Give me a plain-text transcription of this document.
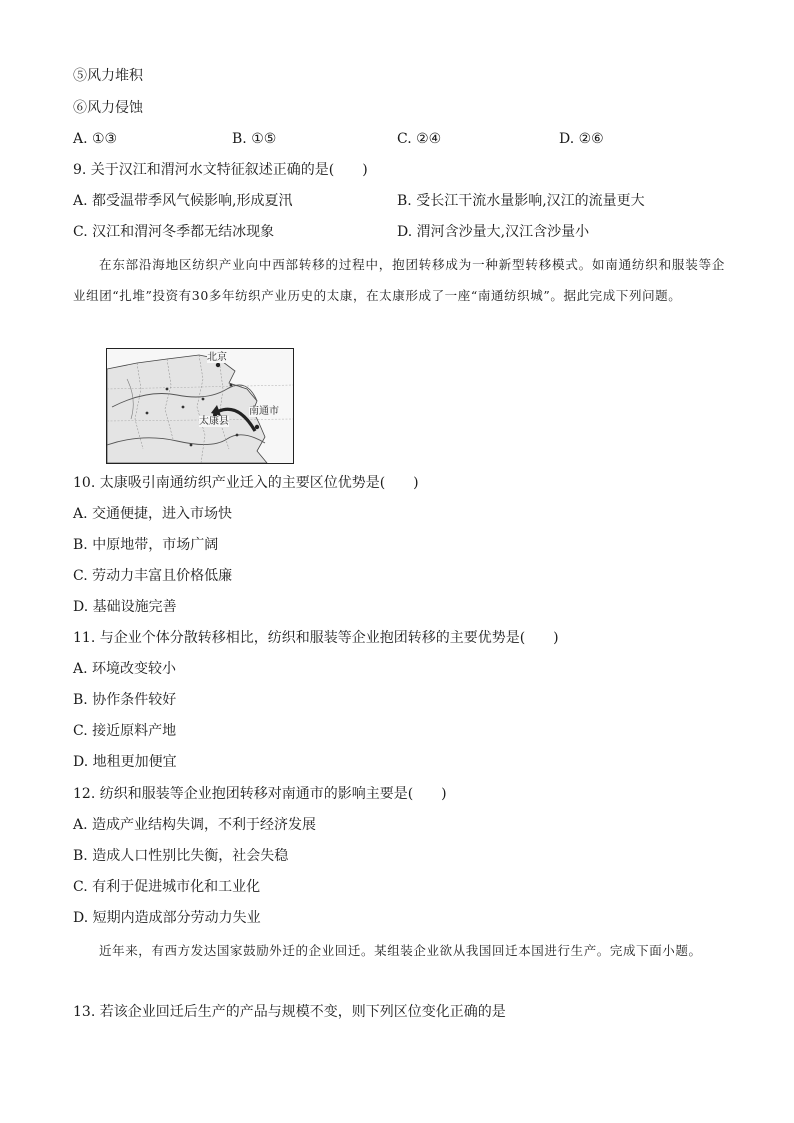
⑤风力堆积
⑥风力侵蚀
A. ①③	B. ①⑤	C. ②④	D. ②⑥
9. 关于汉江和渭河水文特征叙述正确的是(　　)
A. 都受温带季风气候影响,形成夏汛	B. 受长江干流水量影响,汉江的流量更大
C. 汉江和渭河冬季都无结冰现象	D. 渭河含沙量大,汉江含沙量小
在东部沿海地区纺织产业向中西部转移的过程中，抱团转移成为一种新型转移模式。如南通纺织和服装等企业组团“扎堆”投资有30多年纺织产业历史的太康，在太康形成了一座“南通纺织城”。据此完成下列问题。
北京
太康县
南通市
10. 太康吸引南通纺织产业迁入的主要区位优势是(　　)
A. 交通便捷，进入市场快
B. 中原地带，市场广阔
C. 劳动力丰富且价格低廉
D. 基础设施完善
11. 与企业个体分散转移相比，纺织和服装等企业抱团转移的主要优势是(　　)
A. 环境改变较小
B. 协作条件较好
C. 接近原料产地
D. 地租更加便宜
12. 纺织和服装等企业抱团转移对南通市的影响主要是(　　)
A. 造成产业结构失调，不利于经济发展
B. 造成人口性别比失衡，社会失稳
C. 有利于促进城市化和工业化
D. 短期内造成部分劳动力失业
近年来，有西方发达国家鼓励外迁的企业回迁。某组装企业欲从我国回迁本国进行生产。完成下面小题。
13. 若该企业回迁后生产的产品与规模不变，则下列区位变化正确的是
